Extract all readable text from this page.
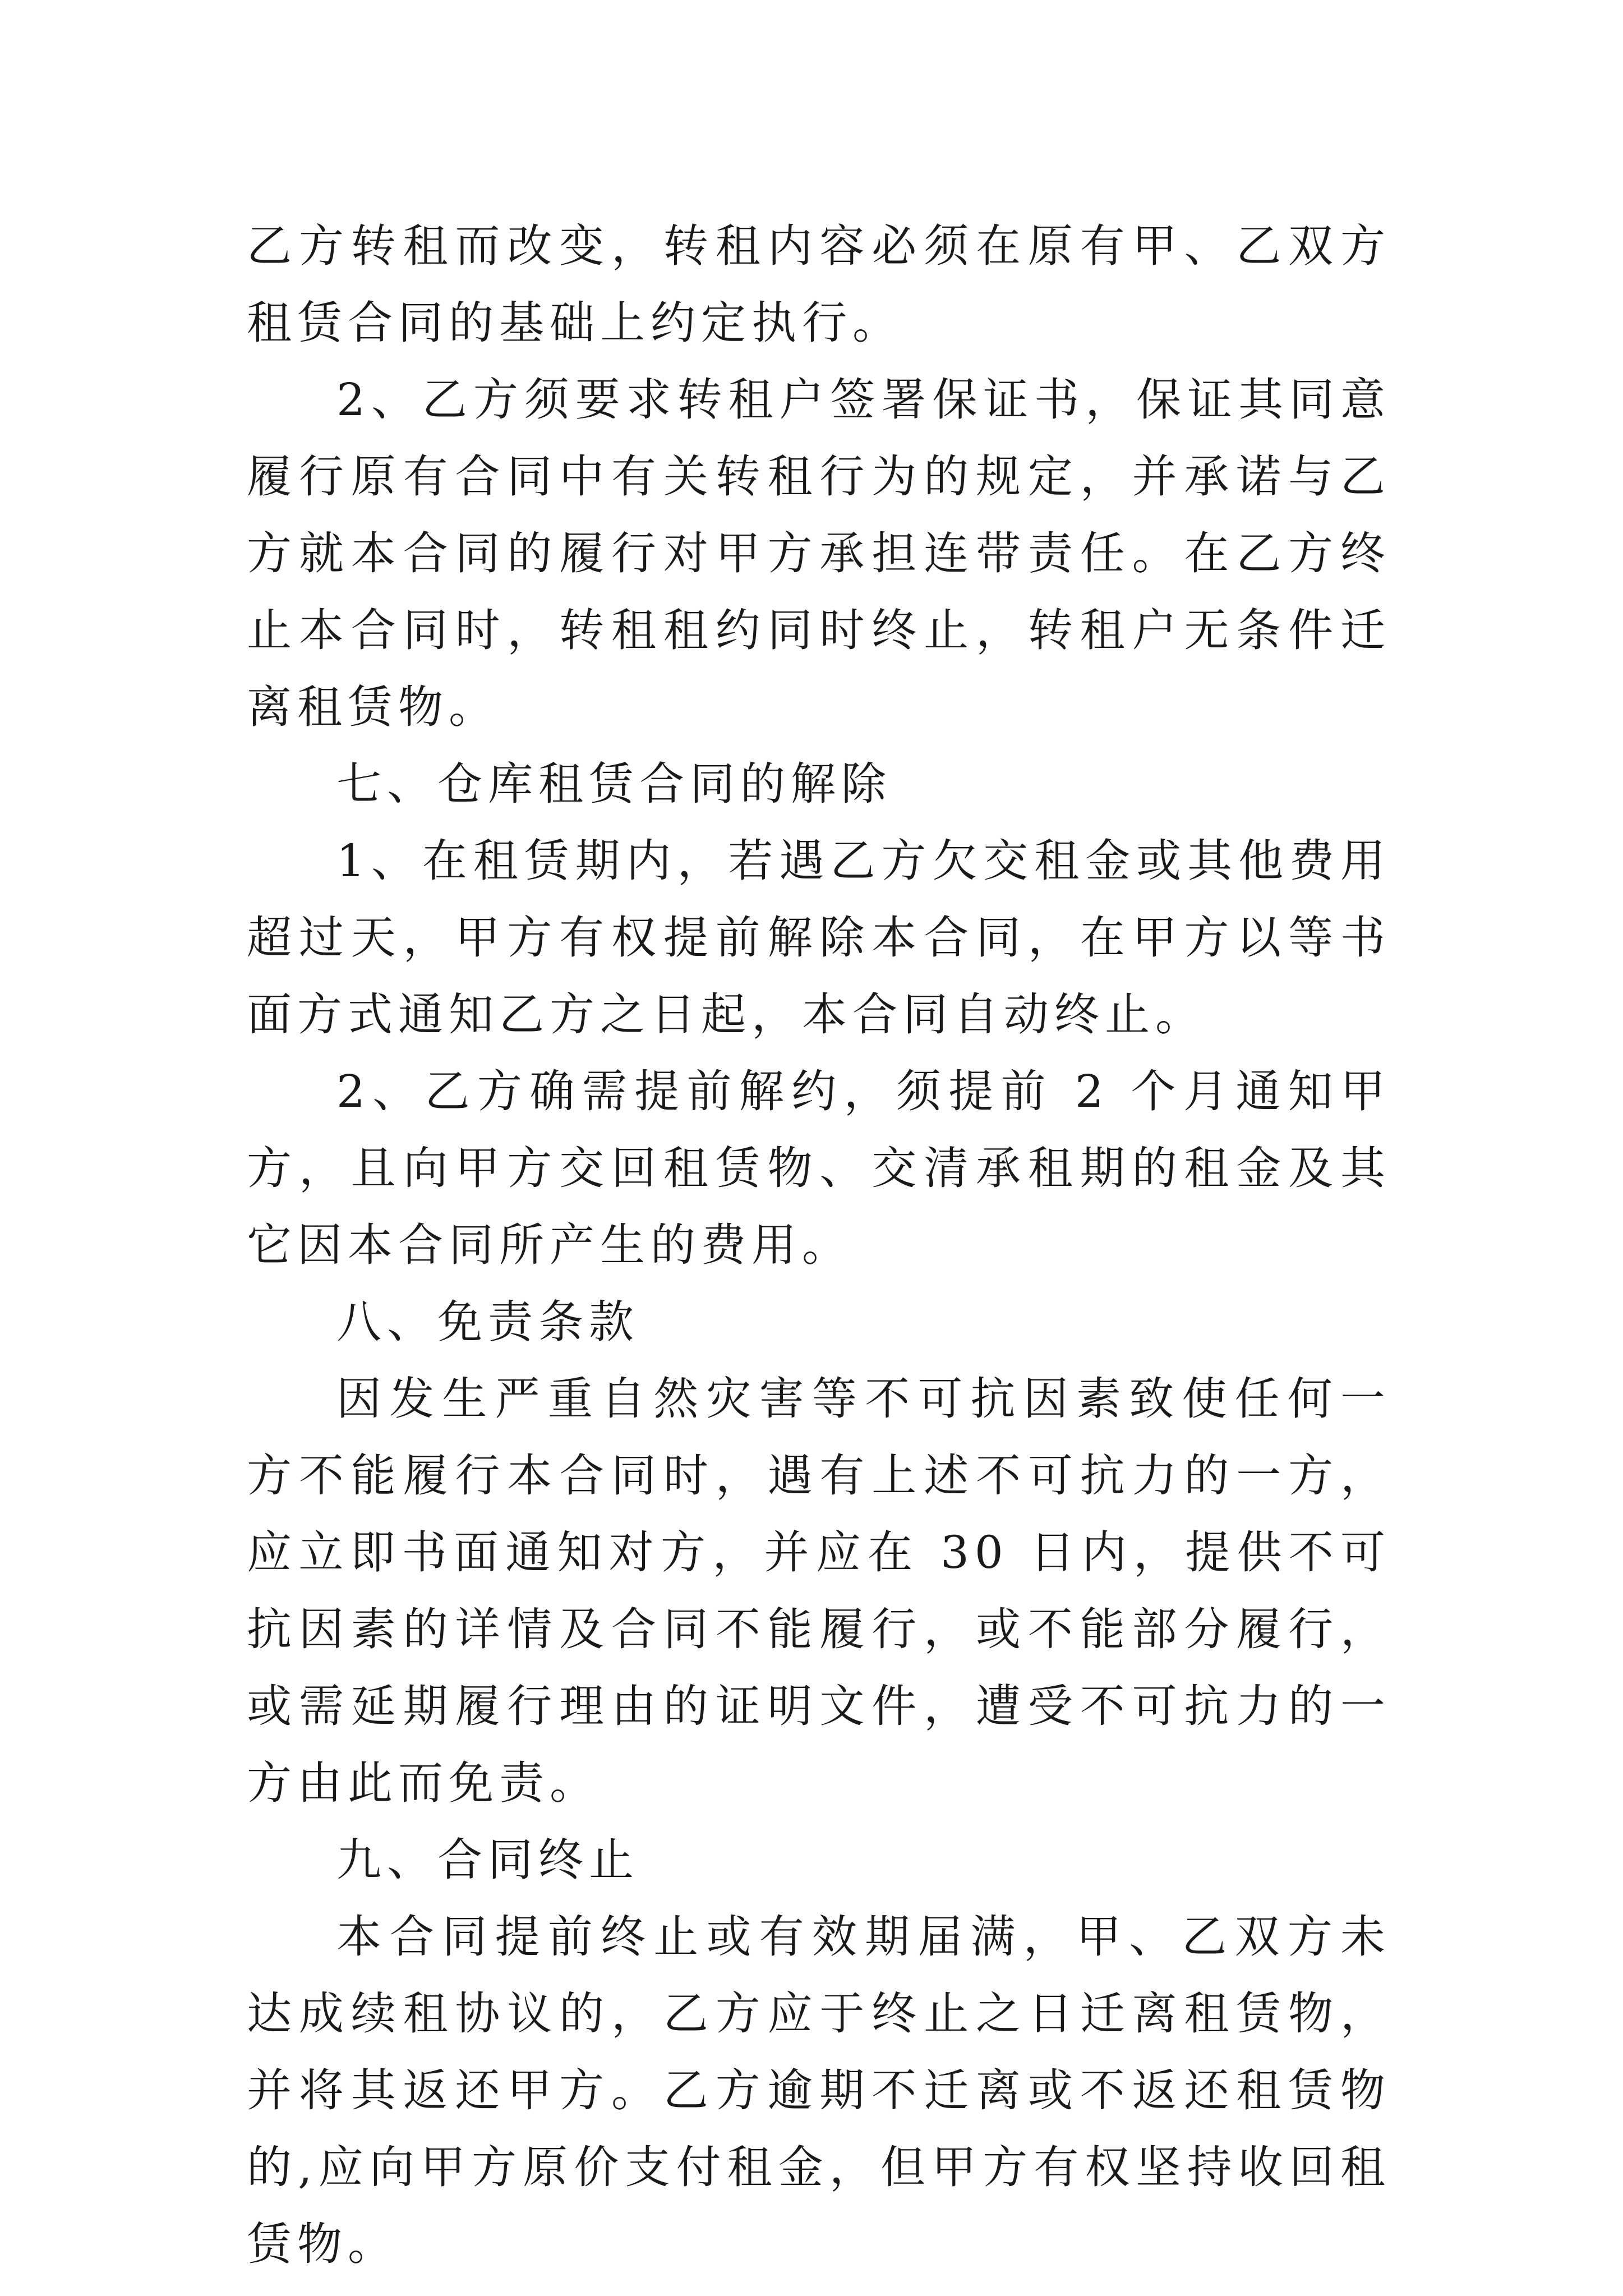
乙方转租而改变，转租内容必须在原有甲、乙双方租赁合同的基础上约定执行。

2、乙方须要求转租户签署保证书，保证其同意履行原有合同中有关转租行为的规定，并承诺与乙方就本合同的履行对甲方承担连带责任。在乙方终止本合同时，转租租约同时终止，转租户无条件迁离租赁物。

七、仓库租赁合同的解除

1、在租赁期内，若遇乙方欠交租金或其他费用超过天，甲方有权提前解除本合同，在甲方以等书面方式通知乙方之日起，本合同自动终止。

2、乙方确需提前解约，须提前 2 个月通知甲方，且向甲方交回租赁物、交清承租期的租金及其它因本合同所产生的费用。

八、免责条款

因发生严重自然灾害等不可抗因素致使任何一方不能履行本合同时，遇有上述不可抗力的一方，应立即书面通知对方，并应在 30 日内，提供不可抗因素的详情及合同不能履行，或不能部分履行，或需延期履行理由的证明文件，遭受不可抗力的一方由此而免责。

九、合同终止

本合同提前终止或有效期届满，甲、乙双方未达成续租协议的，乙方应于终止之日迁离租赁物，并将其返还甲方。乙方逾期不迁离或不返还租赁物的,应向甲方原价支付租金，但甲方有权坚持收回租赁物。
